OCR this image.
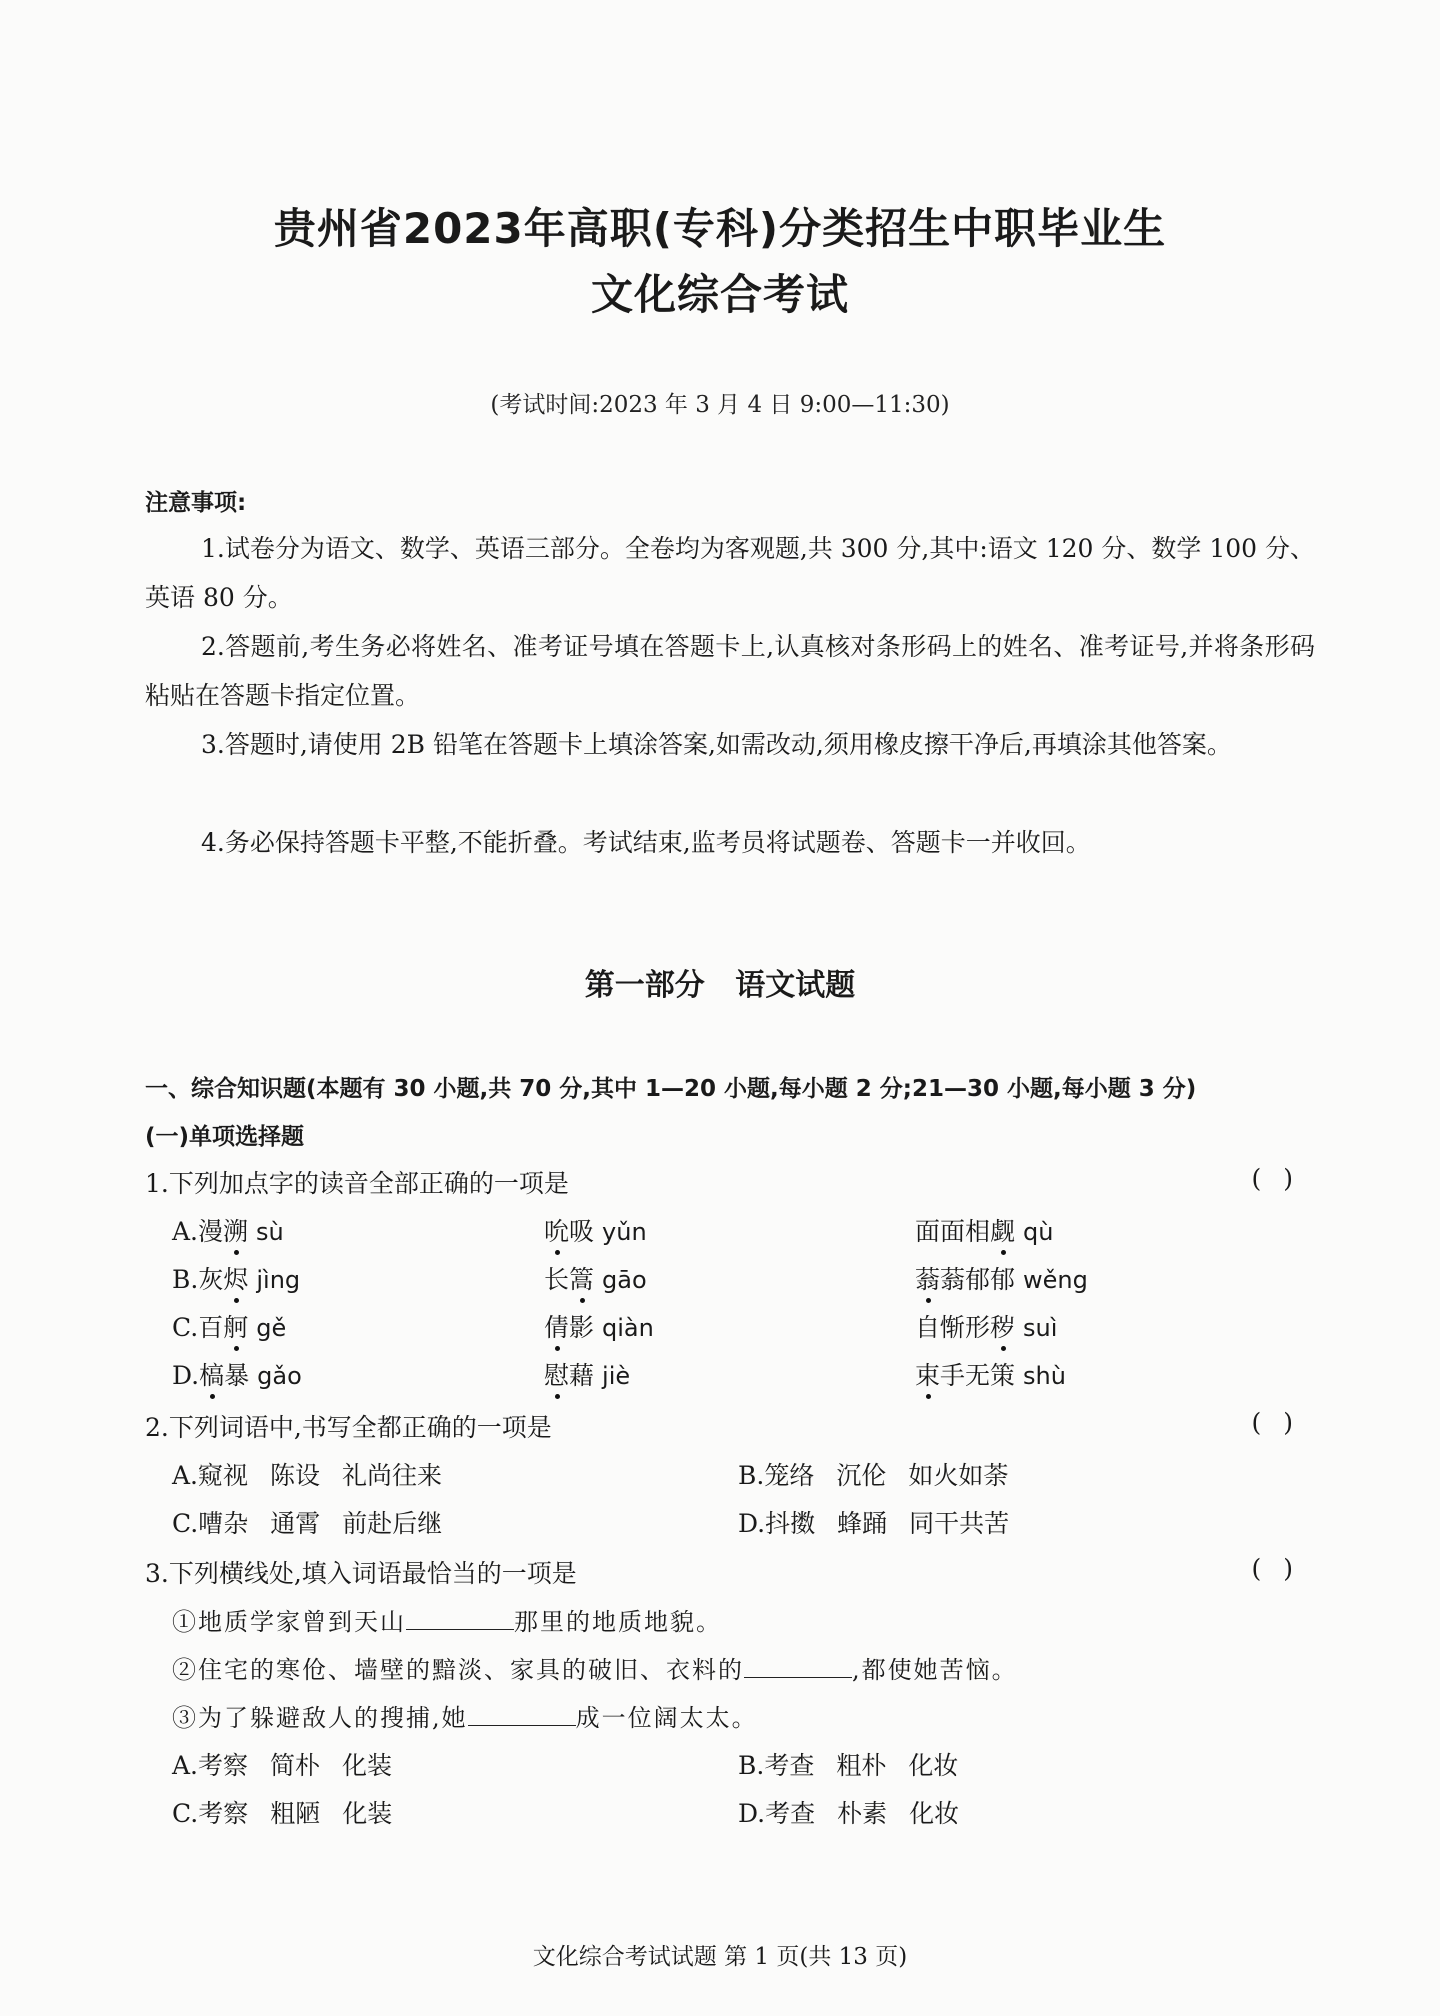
贵州省2023年高职(专科)分类招生中职毕业生
文化综合考试
(考试时间:2023 年 3 月 4 日 9:00—11:30)
注意事项:
1.试卷分为语文、数学、英语三部分。全卷均为客观题,共 300 分,其中:语文 120 分、数学 100 分、英语 80 分。
2.答题前,考生务必将姓名、准考证号填在答题卡上,认真核对条形码上的姓名、准考证号,并将条形码粘贴在答题卡指定位置。
3.答题时,请使用 2B 铅笔在答题卡上填涂答案,如需改动,须用橡皮擦干净后,再填涂其他答案。
4.务必保持答题卡平整,不能折叠。考试结束,监考员将试题卷、答题卡一并收回。
第一部分 语文试题
一、综合知识题(本题有 30 小题,共 70 分,其中 1—20 小题,每小题 2 分;21—30 小题,每小题 3 分)
(一)单项选择题
1.下列加点字的读音全部正确的一项是	()
A.漫溯 sù	吮吸 yǔn	面面相觑 qù
B.灰烬 jìng	长篙 gāo	蓊蓊郁郁 wěng
C.百舸 gě	倩影 qiàn	自惭形秽 suì
D.槁暴 gǎo	慰藉 jiè	束手无策 shù
2.下列词语中,书写全都正确的一项是	()
A.窥视 陈设 礼尚往来	B.笼络 沉伦 如火如荼
C.嘈杂 通霄 前赴后继	D.抖擞 蜂踊 同干共苦
3.下列横线处,填入词语最恰当的一项是	()
①地质学家曾到天山	那里的地质地貌。
②住宅的寒伧、墙壁的黯淡、家具的破旧、衣料的	,都使她苦恼。
③为了躲避敌人的搜捕,她	成一位阔太太。
A.考察 简朴 化装	B.考查 粗朴 化妆
C.考察 粗陋 化装	D.考查 朴素 化妆
文化综合考试试题 第 1 页(共 13 页)
